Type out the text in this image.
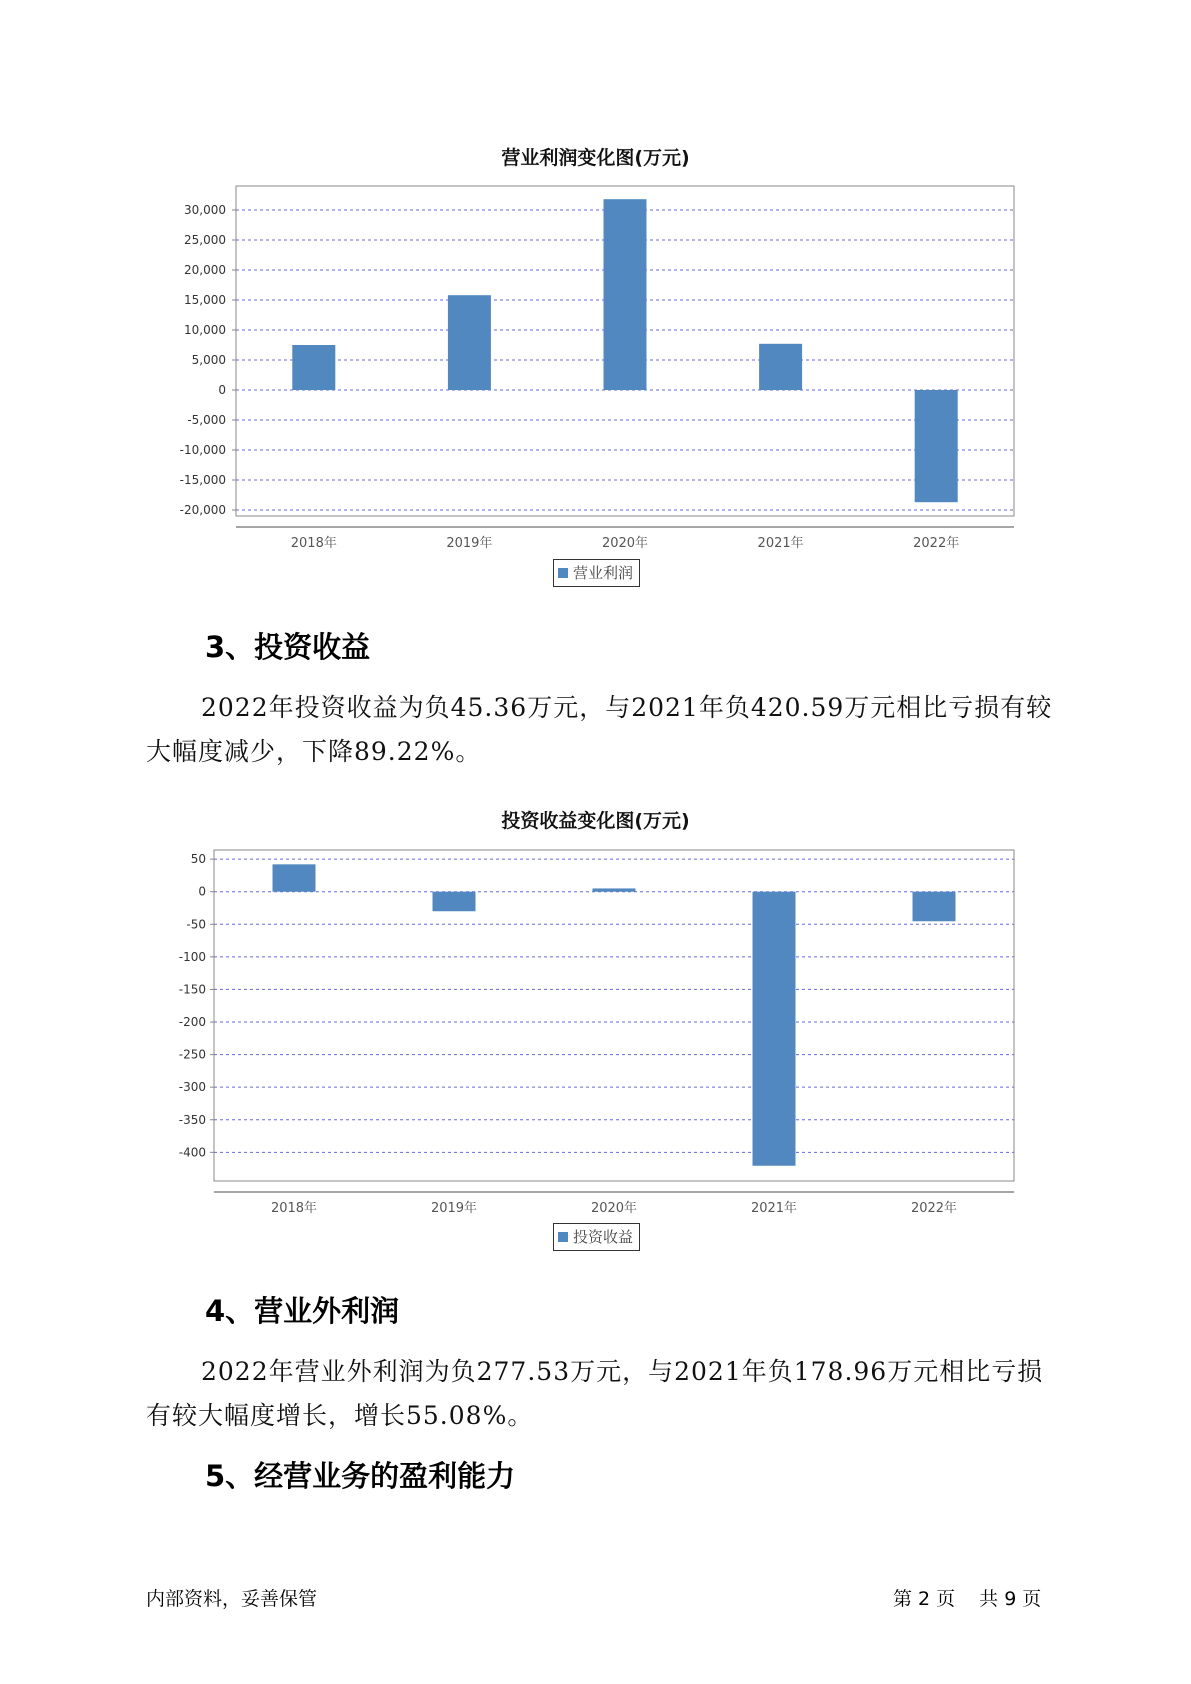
营业利润变化图(万元)
30,000
25,000
20,000
15,000
10,000
5,000
0
-5,000
-10,000
-15,000
-20,000
2018年	2019年	2020年	2021年	2022年
营业利润
3、投资收益

2022年投资收益为负45.36万元，与2021年负420.59万元相比亏损有较大幅度减少，下降89.22%。

投资收益变化图(万元)
50
0
-50
-100
-150
-200
-250
-300
-350
-400
2018年	2019年	2020年	2021年	2022年
投资收益
4、营业外利润

2022年营业外利润为负277.53万元，与2021年负178.96万元相比亏损有较大幅度增长，增长55.08%。

5、经营业务的盈利能力
内部资料，妥善保管	第 2 页 共 9 页
